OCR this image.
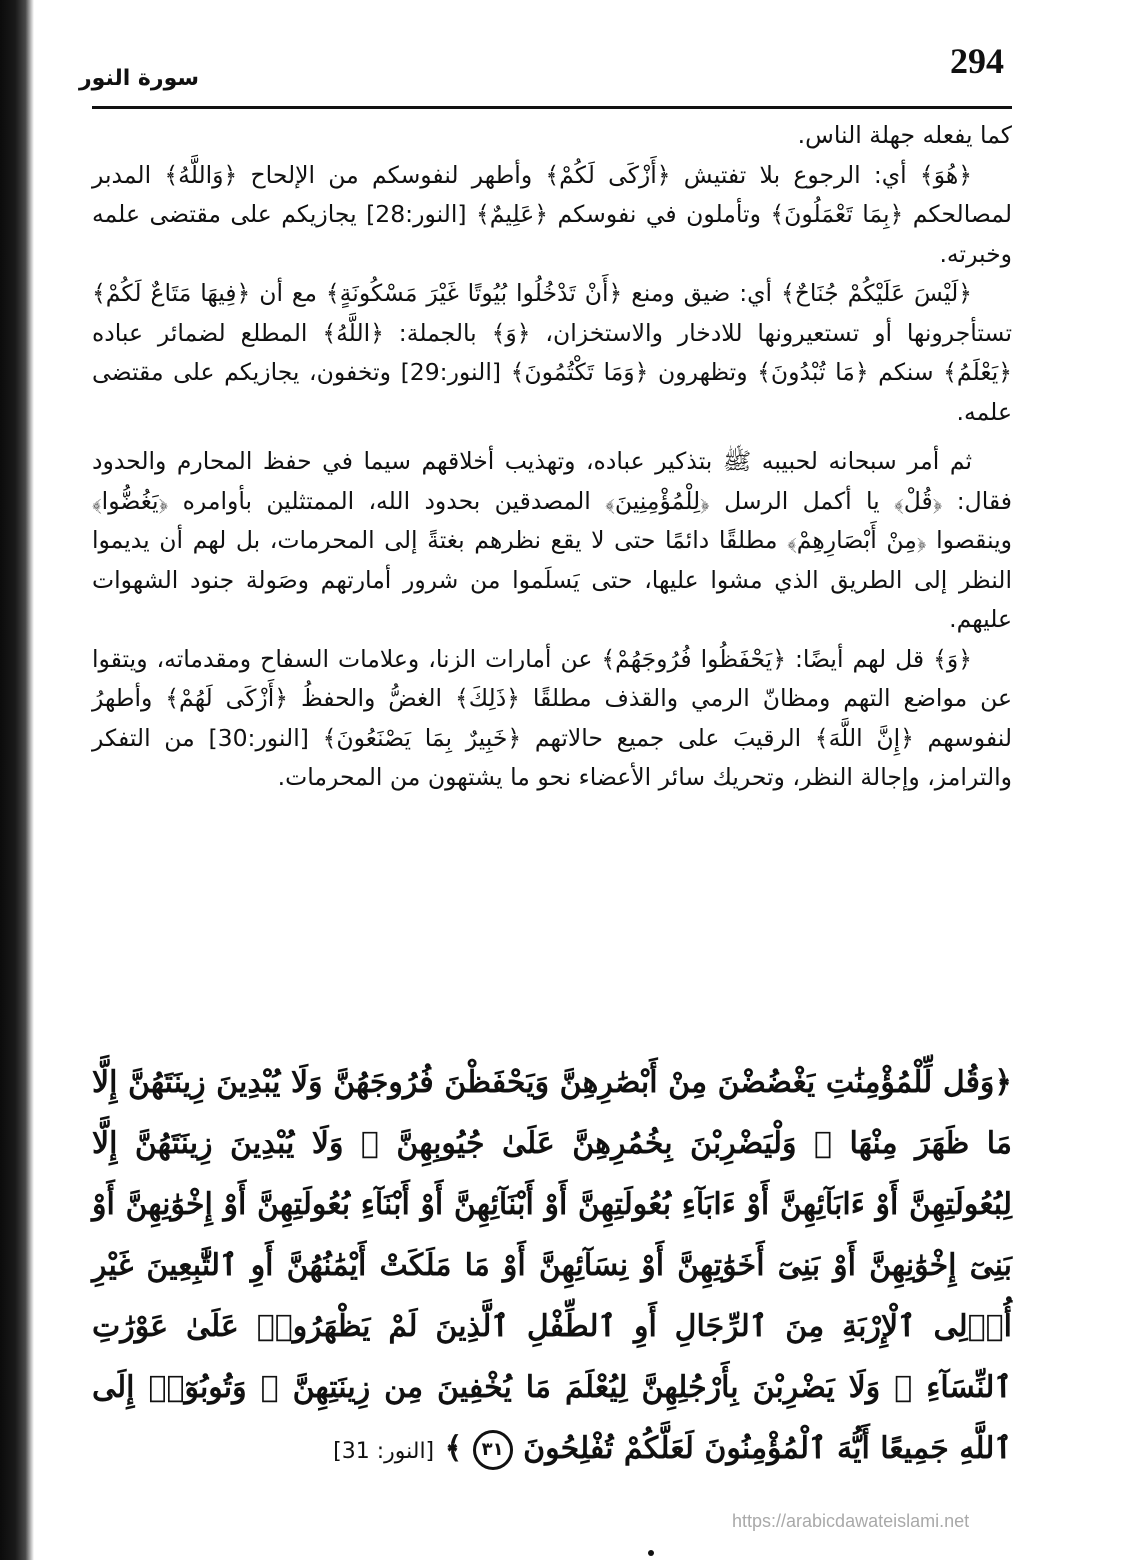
294
سورة النور

كما يفعله جهلة الناس.

﴿هُوَ﴾ أي: الرجوع بلا تفتيش ﴿أَزْكَى لَكُمْ﴾ وأطهر لنفوسكم من الإلحاح ﴿وَاللَّهُ﴾ المدبر لمصالحكم ﴿بِمَا تَعْمَلُونَ﴾ وتأملون في نفوسكم ﴿عَلِيمٌ﴾ [النور:28] يجازيكم على مقتضى علمه وخبرته.

﴿لَيْسَ عَلَيْكُمْ جُنَاحٌ﴾ أي: ضيق ومنع ﴿أَنْ تَدْخُلُوا بُيُوتًا غَيْرَ مَسْكُونَةٍ﴾ مع أن ﴿فِيهَا مَتَاعٌ لَكُمْ﴾ تستأجرونها أو تستعيرونها للادخار والاستخزان، ﴿وَ﴾ بالجملة: ﴿اللَّهُ﴾ المطلع لضمائر عباده ﴿يَعْلَمُ﴾ سنكم ﴿مَا تُبْدُونَ﴾ وتظهرون ﴿وَمَا تَكْتُمُونَ﴾ [النور:29] وتخفون، يجازيكم على مقتضى علمه.

ثم أمر سبحانه لحبيبه ﷺ بتذكير عباده، وتهذيب أخلاقهم سيما في حفظ المحارم والحدود فقال: ﴿قُلْ﴾ يا أكمل الرسل ﴿لِلْمُؤْمِنِينَ﴾ المصدقين بحدود الله، الممتثلين بأوامره ﴿يَغُضُّوا﴾ وينقصوا ﴿مِنْ أَبْصَارِهِمْ﴾ مطلقًا دائمًا حتى لا يقع نظرهم بغتةً إلى المحرمات، بل لهم أن يديموا النظر إلى الطريق الذي مشوا عليها، حتى يَسلَموا من شرور أمارتهم وصَولة جنود الشهوات عليهم.

﴿وَ﴾ قل لهم أيضًا: ﴿يَحْفَظُوا فُرُوجَهُمْ﴾ عن أمارات الزنا، وعلامات السفاح ومقدماته، ويتقوا عن مواضع التهم ومظانّ الرمي والقذف مطلقًا ﴿ذَلِكَ﴾ الغضُّ والحفظُ ﴿أَزْكَى لَهُمْ﴾ وأطهرُ لنفوسهم ﴿إِنَّ اللَّهَ﴾ الرقيبَ على جميع حالاتهم ﴿خَبِيرٌ بِمَا يَصْنَعُونَ﴾ [النور:30] من التفكر والترامز، وإجالة النظر، وتحريك سائر الأعضاء نحو ما يشتهون من المحرمات.

﴿وَقُل لِّلْمُؤْمِنَٰتِ يَغْضُضْنَ مِنْ أَبْصَٰرِهِنَّ وَيَحْفَظْنَ فُرُوجَهُنَّ وَلَا يُبْدِينَ زِينَتَهُنَّ إِلَّا مَا ظَهَرَ مِنْهَا ۖ وَلْيَضْرِبْنَ بِخُمُرِهِنَّ عَلَىٰ جُيُوبِهِنَّ ۖ وَلَا يُبْدِينَ زِينَتَهُنَّ إِلَّا لِبُعُولَتِهِنَّ أَوْ ءَابَآئِهِنَّ أَوْ ءَابَآءِ بُعُولَتِهِنَّ أَوْ أَبْنَآئِهِنَّ أَوْ أَبْنَآءِ بُعُولَتِهِنَّ أَوْ إِخْوَٰنِهِنَّ أَوْ بَنِىٓ إِخْوَٰنِهِنَّ أَوْ بَنِىٓ أَخَوَٰتِهِنَّ أَوْ نِسَآئِهِنَّ أَوْ مَا مَلَكَتْ أَيْمَٰنُهُنَّ أَوِ ٱلتَّٰبِعِينَ غَيْرِ أُو۟لِى ٱلْإِرْبَةِ مِنَ ٱلرِّجَالِ أَوِ ٱلطِّفْلِ ٱلَّذِينَ لَمْ يَظْهَرُوا۟ عَلَىٰ عَوْرَٰتِ ٱلنِّسَآءِ ۖ وَلَا يَضْرِبْنَ بِأَرْجُلِهِنَّ لِيُعْلَمَ مَا يُخْفِينَ مِن زِينَتِهِنَّ ۚ وَتُوبُوٓا۟ إِلَى ٱللَّهِ جَمِيعًا أَيُّهَ ٱلْمُؤْمِنُونَ لَعَلَّكُمْ تُفْلِحُونَ ٣١ ﴾ [النور: 31]
https://arabicdawateislami.net
